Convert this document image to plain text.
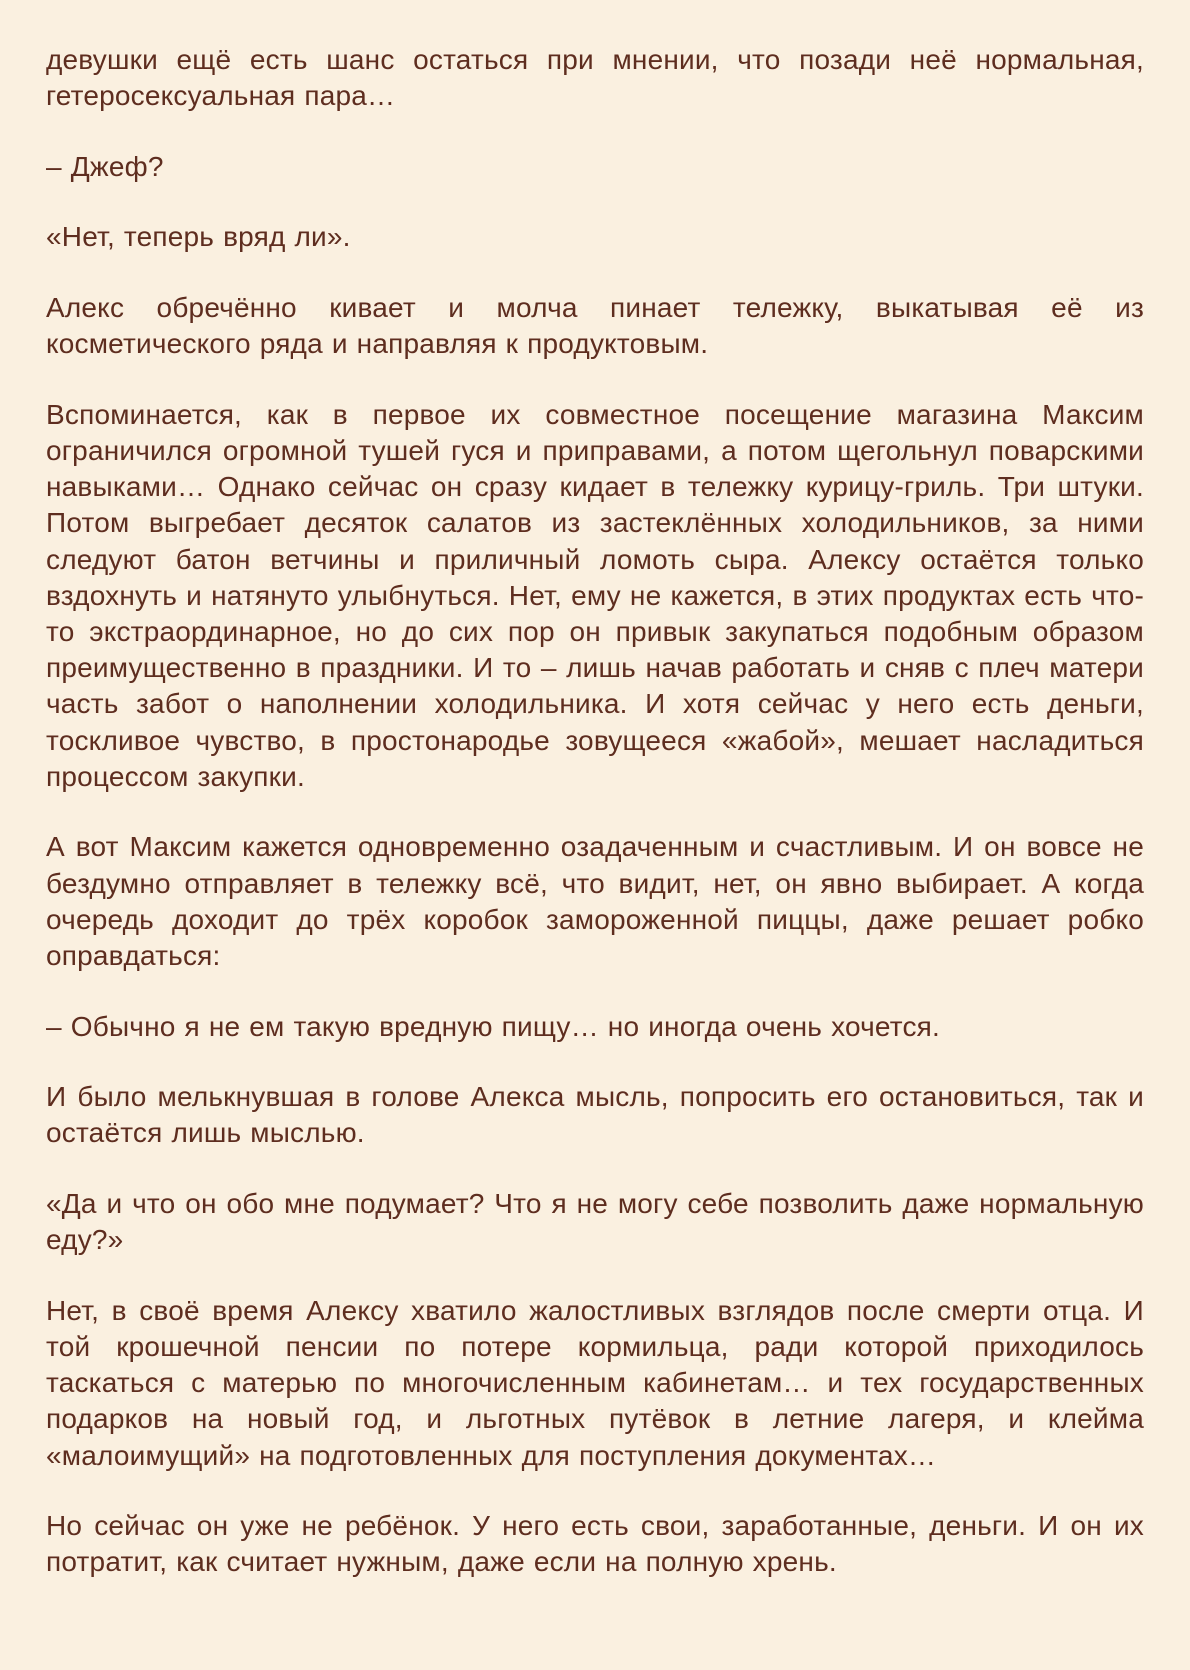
девушки ещё есть шанс остаться при мнении, что позади неё нормальная, гетеросексуальная пара…

– Джеф?

«Нет, теперь вряд ли».

Алекс обречённо кивает и молча пинает тележку, выкатывая её из косметического ряда и направляя к продуктовым.

Вспоминается, как в первое их совместное посещение магазина Максим ограничился огромной тушей гуся и приправами, а потом щегольнул поварскими навыками… Однако сейчас он сразу кидает в тележку курицу-гриль. Три штуки. Потом выгребает десяток салатов из застеклённых холодильников, за ними следуют батон ветчины и приличный ломоть сыра. Алексу остаётся только вздохнуть и натянуто улыбнуться. Нет, ему не кажется, в этих продуктах есть что-то экстраординарное, но до сих пор он привык закупаться подобным образом преимущественно в праздники. И то – лишь начав работать и сняв с плеч матери часть забот о наполнении холодильника. И хотя сейчас у него есть деньги, тоскливое чувство, в простонародье зовущееся «жабой», мешает насладиться процессом закупки.

А вот Максим кажется одновременно озадаченным и счастливым. И он вовсе не бездумно отправляет в тележку всё, что видит, нет, он явно выбирает. А когда очередь доходит до трёх коробок замороженной пиццы, даже решает робко оправдаться:

– Обычно я не ем такую вредную пищу… но иногда очень хочется.

И было мелькнувшая в голове Алекса мысль, попросить его остановиться, так и остаётся лишь мыслью.

«Да и что он обо мне подумает? Что я не могу себе позволить даже нормальную еду?»

Нет, в своё время Алексу хватило жалостливых взглядов после смерти отца. И той крошечной пенсии по потере кормильца, ради которой приходилось таскаться с матерью по многочисленным кабинетам… и тех государственных подарков на новый год, и льготных путёвок в летние лагеря, и клейма «малоимущий» на подготовленных для поступления документах…

Но сейчас он уже не ребёнок. У него есть свои, заработанные, деньги. И он их потратит, как считает нужным, даже если на полную хрень.
